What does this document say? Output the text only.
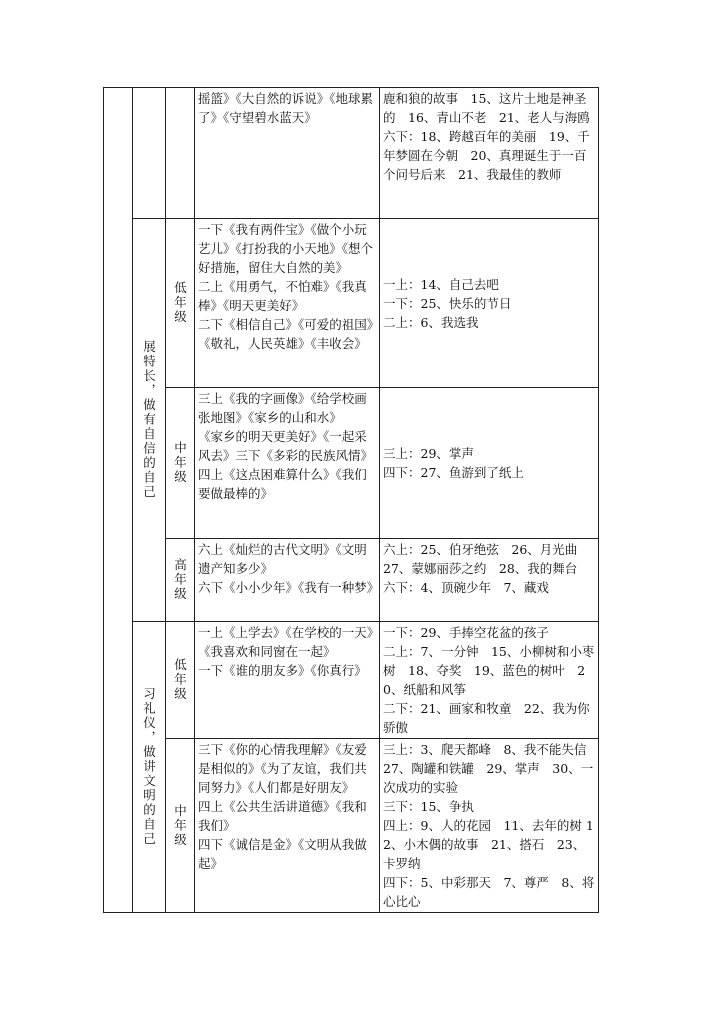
			摇篮》《大自然的诉说》《地球累了》《守望碧水蓝天》	鹿和狼的故事　15、这片土地是神圣的　16、青山不老　21、老人与海鸥
六下：18、跨越百年的美丽　19、千年梦圆在今朝　20、真理诞生于一百个问号后来　21、我最佳的教师

	展特长，做有自信的自己	低年级	一下《我有两件宝》《做个小玩艺儿》《打扮我的小天地》《想个好措施，留住大自然的美》
二上《用勇气，不怕难》《我真棒》《明天更美好》
二下《相信自己》《可爱的祖国》《敬礼，人民英雄》《丰收会》	一上：14、自己去吧
一下：25、快乐的节日
二上：6、我选我

		中年级	三上《我的字画像》《给学校画张地图》《家乡的山和水》
《家乡的明天更美好》《一起采风去》三下《多彩的民族风情》四上《这点困难算什么》《我们要做最棒的》	三上：29、掌声
四下：27、鱼游到了纸上

		高年级	六上《灿烂的古代文明》《文明遗产知多少》
六下《小小少年》《我有一种梦》	六上：25、伯牙绝弦　26、月光曲　27、蒙娜丽莎之约　28、我的舞台
六下：4、顶碗少年　7、藏戏

	习礼仪，做讲文明的自己	低年级	一上《上学去》《在学校的一天》《我喜欢和同窗在一起》
一下《谁的朋友多》《你真行》	一下：29、手捧空花盆的孩子
二上：7、一分钟　15、小柳树和小枣树　18、夺奖　19、蓝色的树叶　20、纸船和风筝
二下：21、画家和牧童　22、我为你骄傲

		中年级	三下《你的心情我理解》《友爱是相似的》《为了友谊，我们共同努力》《人们都是好朋友》
四上《公共生活讲道德》《我和我们》
四下《诚信是金》《文明从我做起》	三上：3、爬天都峰　8、我不能失信　27、陶罐和铁罐　29、掌声　30、一次成功的实验
三下：15、争执
四上：9、人的花园　11、去年的树 12、小木偶的故事　21、搭石　23、卡罗纳
四下：5、中彩那天　7、尊严　8、将心比心
